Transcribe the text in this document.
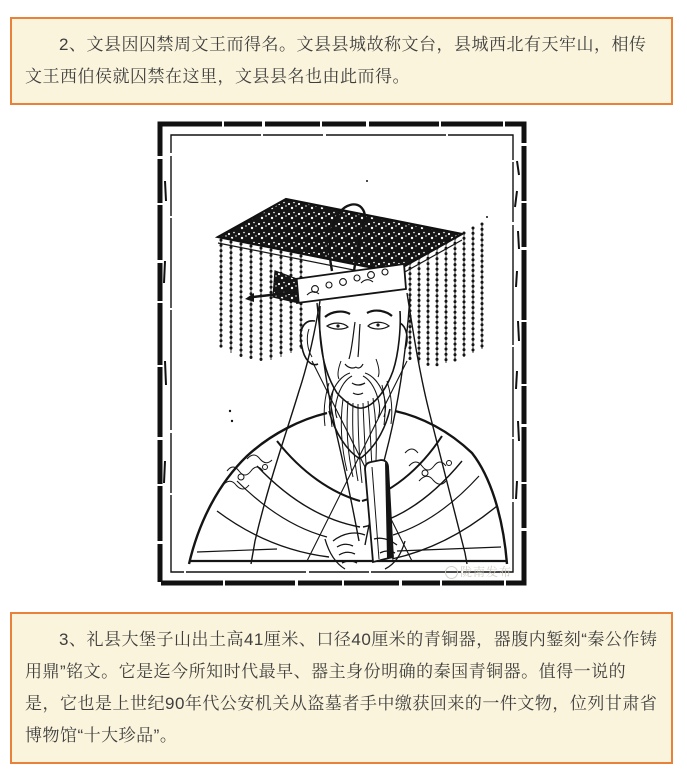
2、文县因囚禁周文王而得名。文县县城故称文台，县城西北有天牢山，相传文王西伯侯就囚禁在这里，文县县名也由此而得。

陇南发布

3、礼县大堡子山出土高41厘米、口径40厘米的青铜器，器腹内錾刻“秦公作铸用鼎”铭文。它是迄今所知时代最早、器主身份明确的秦国青铜器。值得一说的是，它也是上世纪90年代公安机关从盗墓者手中缴获回来的一件文物，位列甘肃省博物馆“十大珍品”。
